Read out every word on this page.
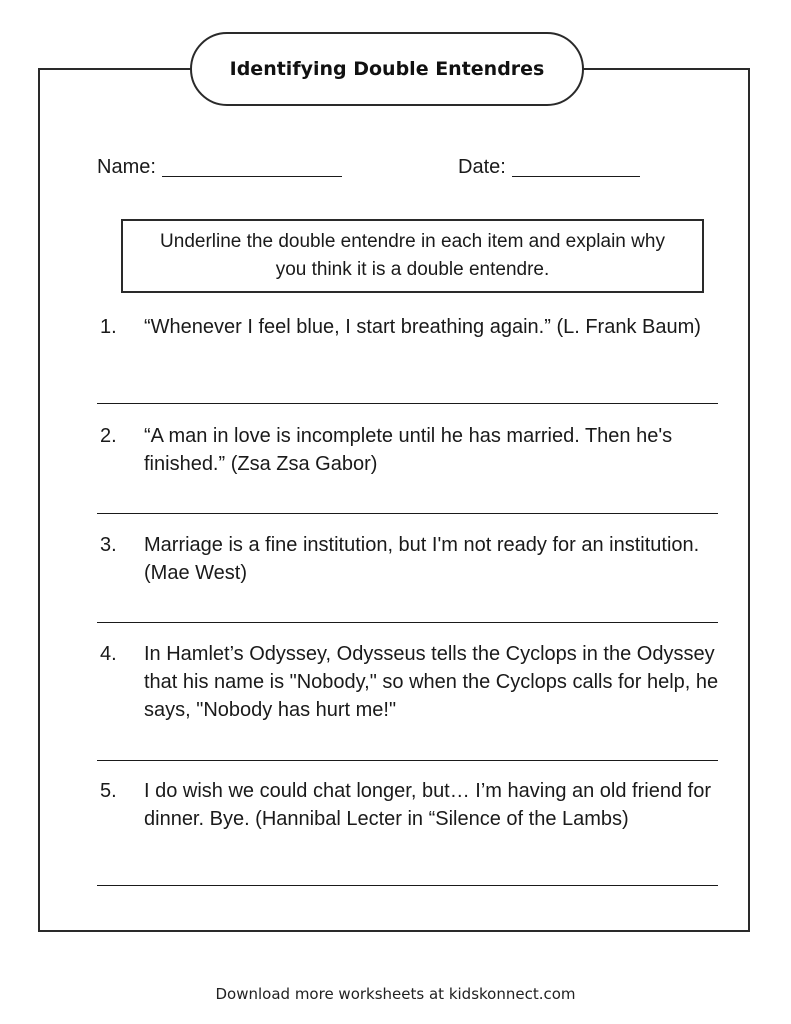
Identifying Double Entendres
Name:	Date:
Underline the double entendre in each item and explain why you think it is a double entendre.
1. “Whenever I feel blue, I start breathing again.” (L. Frank Baum)
2. “A man in love is incomplete until he has married. Then he's finished.” (Zsa Zsa Gabor)
3. Marriage is a fine institution, but I'm not ready for an institution. (Mae West)
4. In Hamlet’s Odyssey, Odysseus tells the Cyclops in the Odyssey that his name is "Nobody," so when the Cyclops calls for help, he says, "Nobody has hurt me!"
5. I do wish we could chat longer, but… I’m having an old friend for dinner. Bye. (Hannibal Lecter in “Silence of the Lambs)
Download more worksheets at kidskonnect.com
